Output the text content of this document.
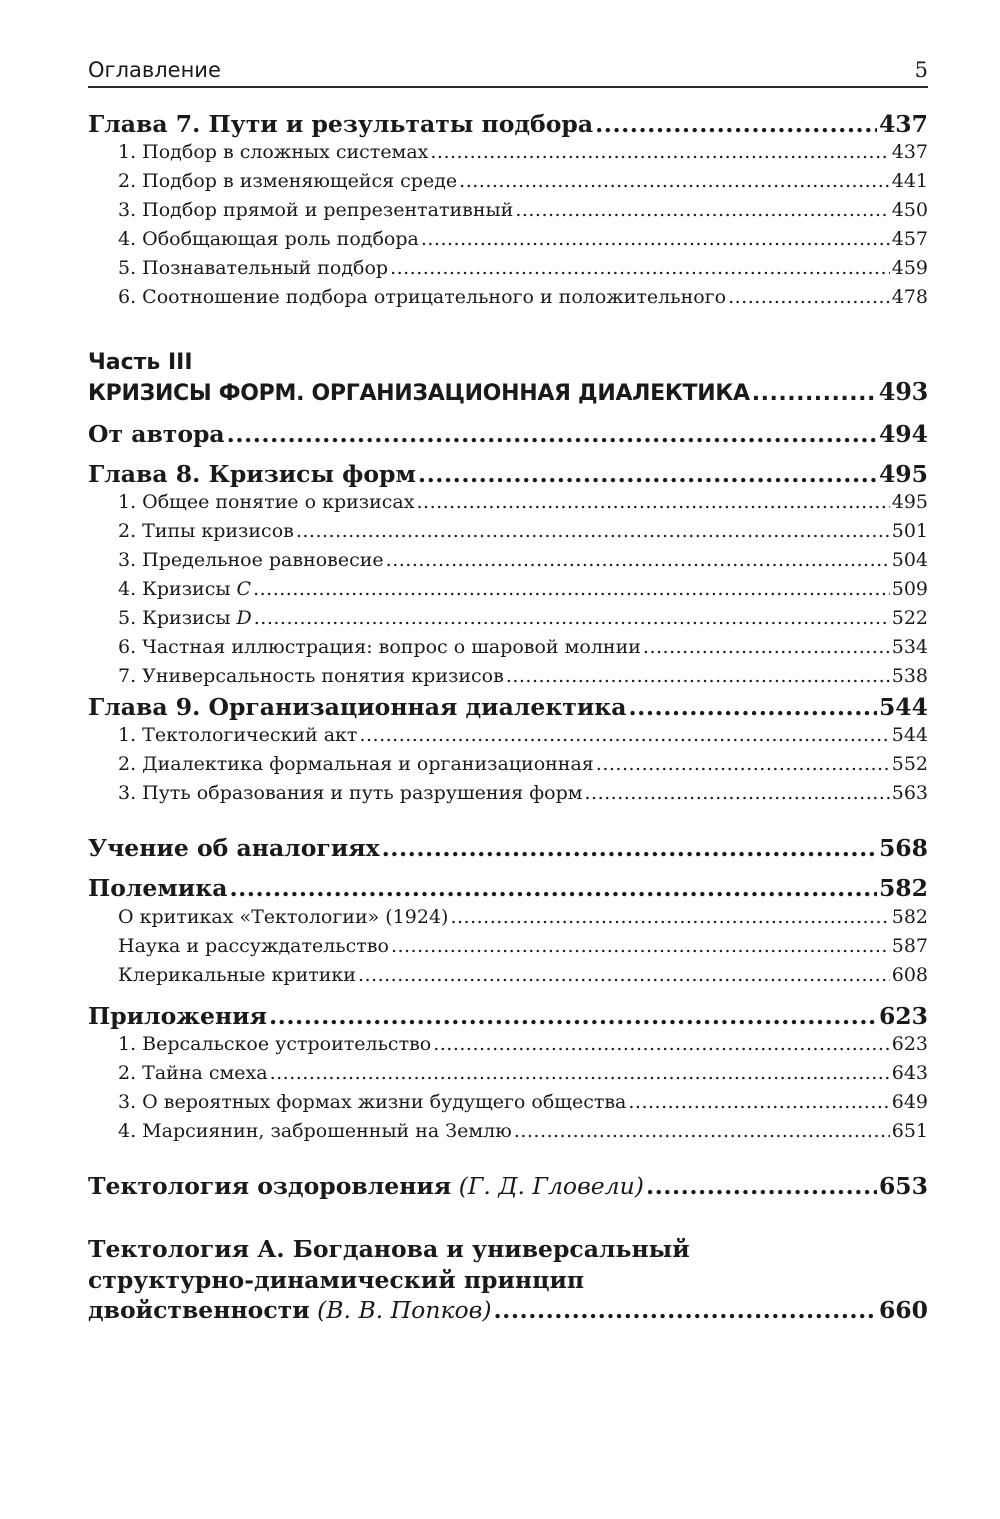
Оглавление	5
Глава 7. Пути и результаты подбора .....	437
1. Подбор в сложных системах .....	437
2. Подбор в изменяющейся среде .....	441
3. Подбор прямой и репрезентативный .....	450
4. Обобщающая роль подбора .....	457
5. Познавательный подбор .....	459
6. Соотношение подбора отрицательного и положительного .....	478
Часть III
КРИЗИСЫ ФОРМ. ОРГАНИЗАЦИОННАЯ ДИАЛЕКТИКА .....	493
От автора .....	494
Глава 8. Кризисы форм .....	495
1. Общее понятие о кризисах .....	495
2. Типы кризисов .....	501
3. Предельное равновесие .....	504
4. Кризисы C .....	509
5. Кризисы D .....	522
6. Частная иллюстрация: вопрос о шаровой молнии .....	534
7. Универсальность понятия кризисов .....	538
Глава 9. Организационная диалектика .....	544
1. Тектологический акт .....	544
2. Диалектика формальная и организационная .....	552
3. Путь образования и путь разрушения форм .....	563
Учение об аналогиях .....	568
Полемика .....	582
О критиках «Тектологии» (1924) .....	582
Наука и рассуждательство .....	587
Клерикальные критики .....	608
Приложения .....	623
1. Версальское устроительство .....	623
2. Тайна смеха .....	643
3. О вероятных формах жизни будущего общества .....	649
4. Марсиянин, заброшенный на Землю .....	651
Тектология оздоровления (Г. Д. Гловели) .....	653
Тектология А. Богданова и универсальный
структурно-динамический принцип
двойственности (В. В. Попков) .....	660
